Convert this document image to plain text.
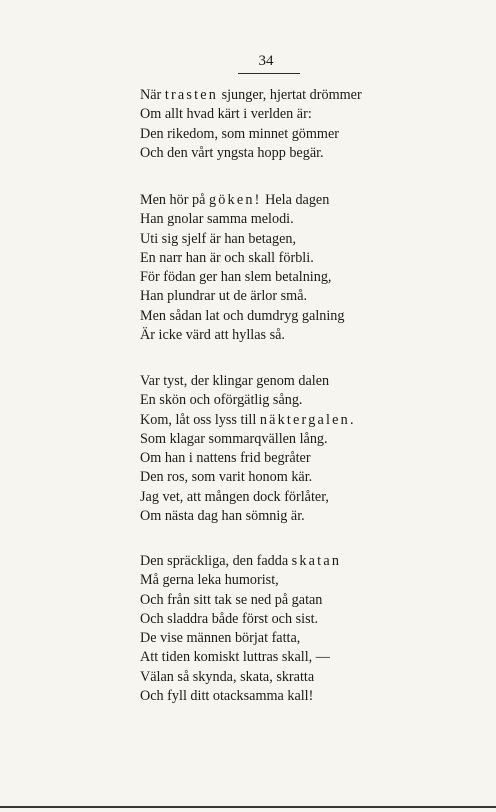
34
När trasten sjunger, hjertat drömmer
Om allt hvad kärt i verlden är:
Den rikedom, som minnet gömmer
Och den vårt yngsta hopp begär.
Men hör på göken! Hela dagen
Han gnolar samma melodi.
Uti sig sjelf är han betagen,
En narr han är och skall förbli.
För födan ger han slem betalning,
Han plundrar ut de ärlor små.
Men sådan lat och dumdryg galning
Är icke värd att hyllas så.
Var tyst, der klingar genom dalen
En skön och oförgätlig sång.
Kom, låt oss lyss till näktergalen.
Som klagar sommarqvällen lång.
Om han i nattens frid begråter
Den ros, som varit honom kär.
Jag vet, att mången dock förlåter,
Om nästa dag han sömnig är.
Den spräckliga, den fadda skatan
Må gerna leka humorist,
Och från sitt tak se ned på gatan
Och sladdra både först och sist.
De vise männen börjat fatta,
Att tiden komiskt luttras skall, —
Välan så skynda, skata, skratta
Och fyll ditt otacksamma kall!
